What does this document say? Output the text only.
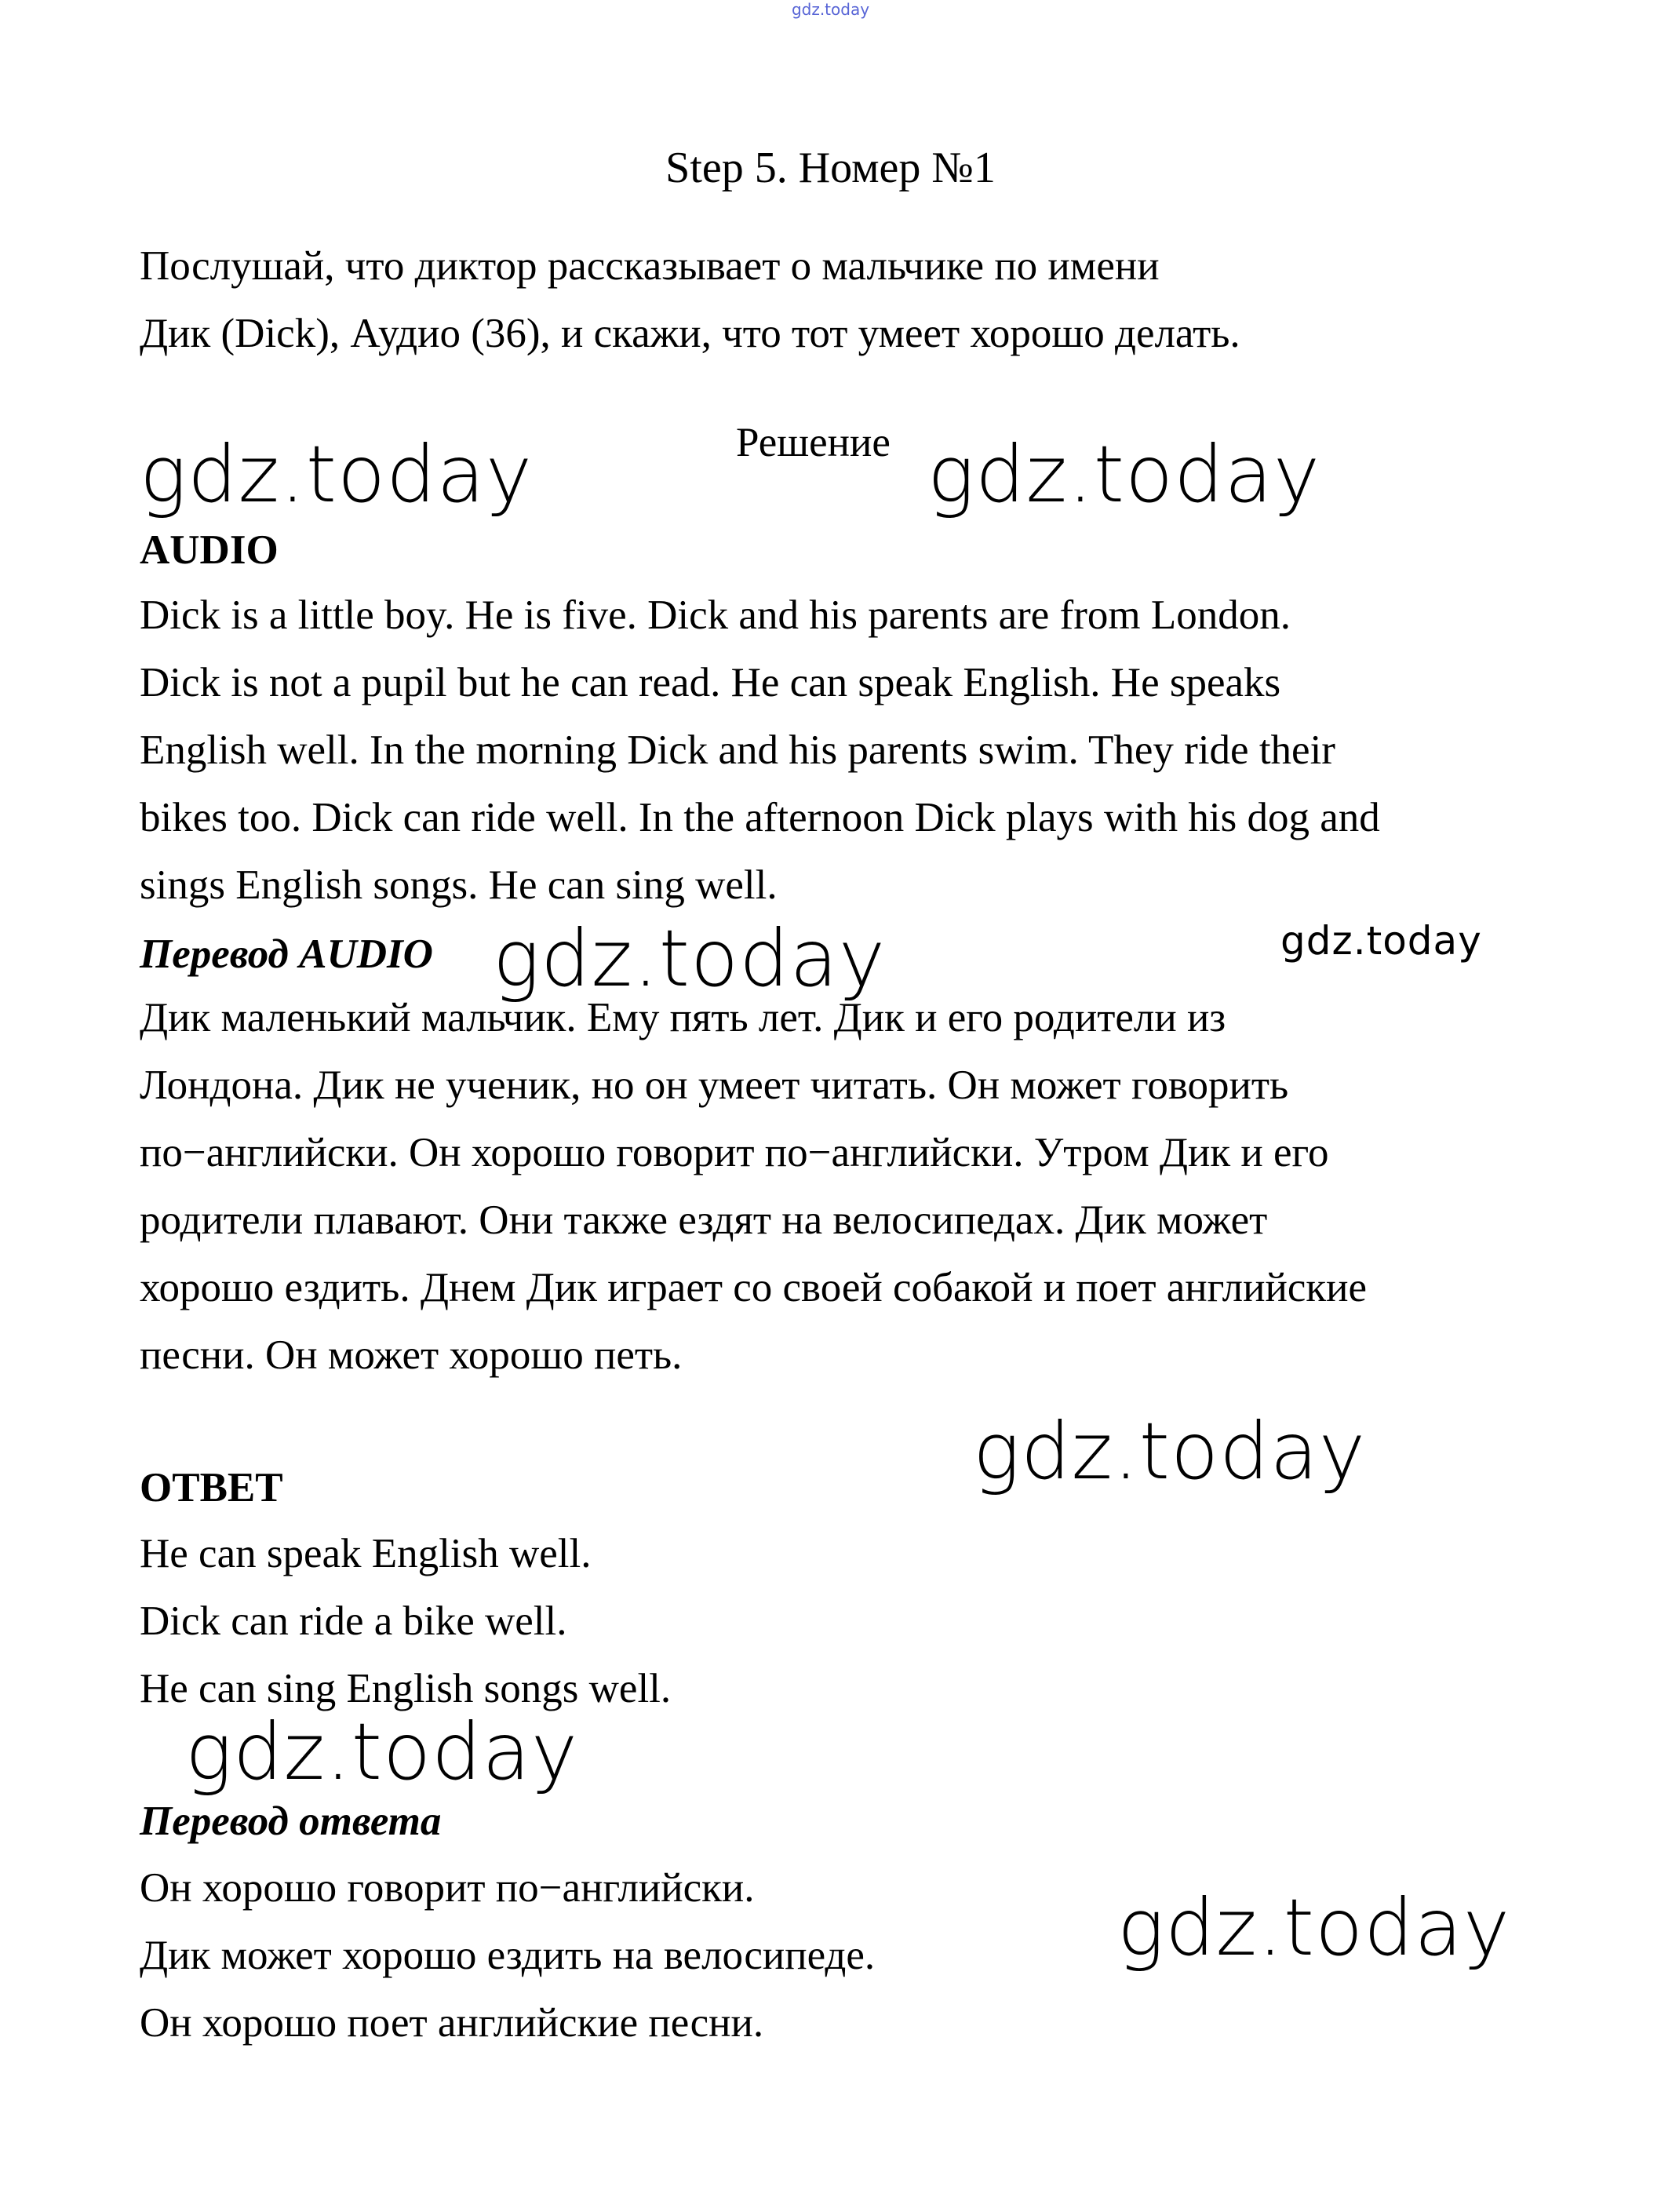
gdz.today
Step 5. Номер №1
Послушай, что диктор рассказывает о мальчике по имени
Дик (Dick), Аудио (36), и скажи, что тот умеет хорошо делать.
Решение
gdz.today	gdz.today
AUDIO
Dick is a little boy. He is five. Dick and his parents are from London.
Dick is not a pupil but he can read. He can speak English. He speaks
English well. In the morning Dick and his parents swim. They ride their
bikes too. Dick can ride well. In the afternoon Dick plays with his dog and
sings English songs. He can sing well.
Перевод AUDIO gdz.today	gdz.today
Дик маленький мальчик. Ему пять лет. Дик и его родители из
Лондона. Дик не ученик, но он умеет читать. Он может говорить
по−английски. Он хорошо говорит по−английски. Утром Дик и его
родители плавают. Они также ездят на велосипедах. Дик может
хорошо ездить. Днем Дик играет со своей собакой и поет английские
песни. Он может хорошо петь.
gdz.today
ОТВЕТ
He can speak English well.
Dick can ride a bike well.
He can sing English songs well.
gdz.today
Перевод ответа
Он хорошо говорит по−английски.
Дик может хорошо ездить на велосипеде.
Он хорошо поет английские песни.
gdz.today
